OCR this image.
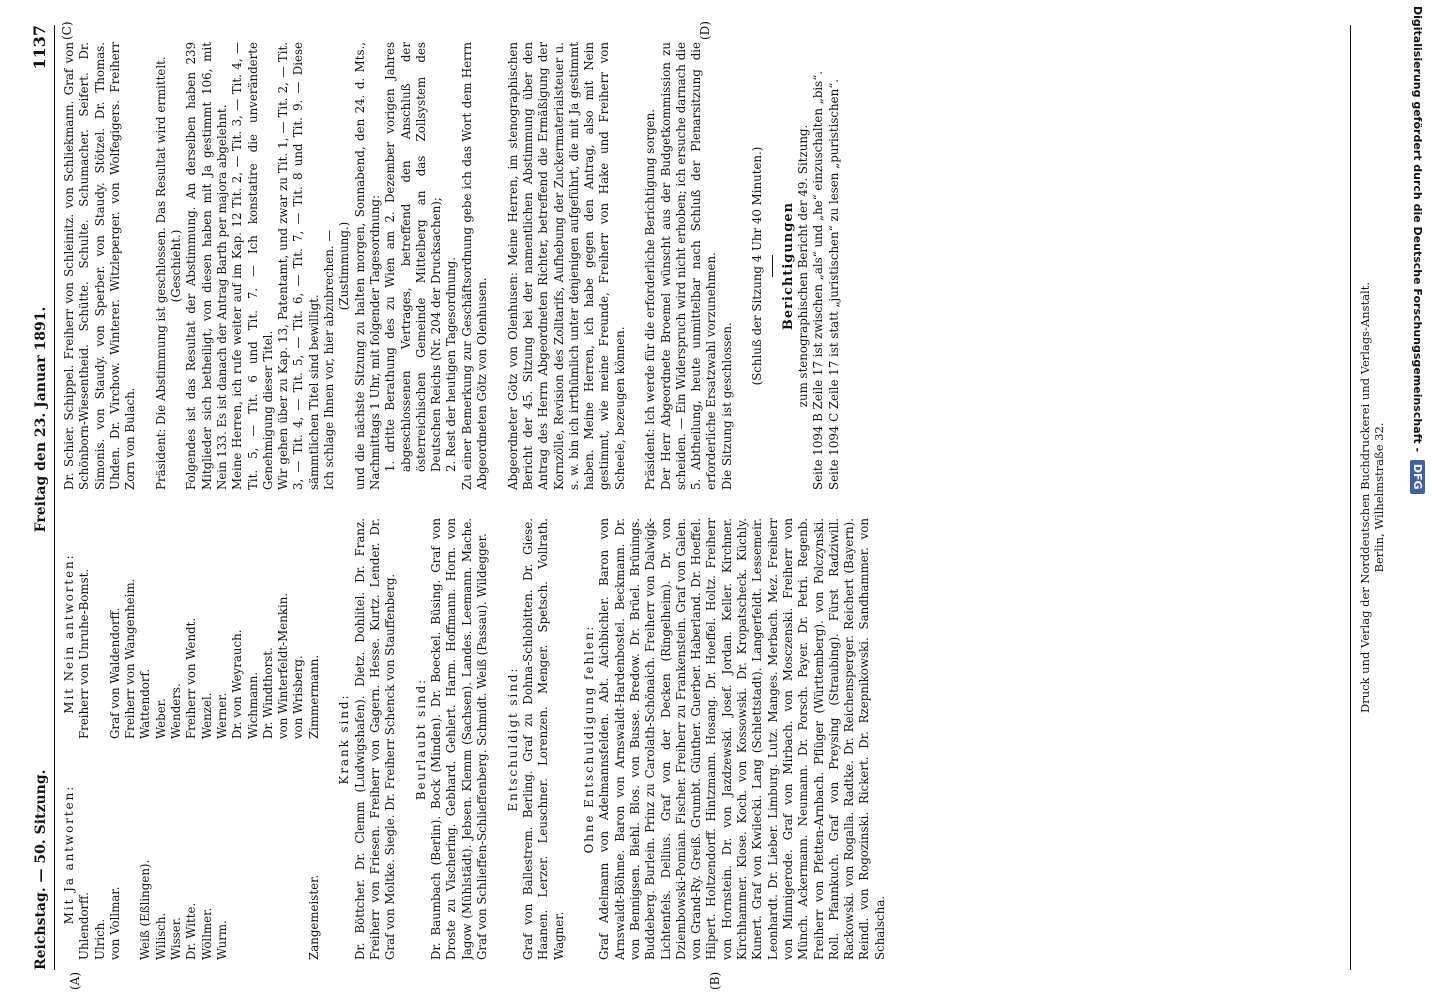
Reichstag. — 50. Sitzung.
Freitag den 23. Januar 1891.
1137
(A)	(B)
(C)	(D)
Mit Ja antworten:	Mit Nein antworten:
Uhlendorff.	Freiherr von Unruhe-Bomst.
Ulrich.	

von Vollmar.	Graf von Waldendorff.
	Freiherr von Wangenheim.
Weiß (Eßlingen).	Wattendorf.
Wilisch.	Weber.
Wisser.	Wenders.
Dr. Witte.	Freiherr von Wendt.
Wöllmer.	Wenzel.
Wurm.	Werner.
	Dr. von Weyrauch.
	Wichmann.
	Dr. Windthorst.
	von Winterfeldt-Menkin.
	von Wrisberg.

Zangemeister.	Zimmermann. Krank sind: Dr. Böttcher. Dr. Clemm (Ludwigshafen). Dietz. Dohlitel. Dr. Franz. Freiherr von Friesen. Freiherr von Gagern. Hesse. Kurtz. Lender. Dr. Graf von Moltke. Siegle. Dr. Freiherr Schenck von Stauffenberg. Beurlaubt sind: Dr. Baumbach (Berlin). Bock (Minden). Dr. Boeckel. Büsing. Graf von Droste zu Vischering. Gebhard. Gehlert. Harm. Hoffmann. Horn. von Jagow (Mühlstädt). Jebsen. Klemm (Sachsen). Landes. Leemann. Mache. Graf von Schlieffen-Schlieffenberg. Schmidt. Weiß (Passau). Wildegger. Entschuldigt sind: Graf von Ballestrem. Berling. Graf zu Dohna-Schlobitten. Dr. Giese. Haanen. Lerzer. Leuschner. Lorenzen. Menger. Spetsch. Vollrath. Wagner.

Ohne Entschuldigung fehlen: Graf Adelmann von Adelmannsfelden. Abt. Aichbichler. Baron von Arnswaldt-Böhme. Baron von Arnswaldt-Hardenbostel. Beckmann. Dr. von Bennigsen. Biehl. Blos. von Busse. Bredow. Dr. Brüel. Brünings. Buddeberg. Burlein. Prinz zu Carolath-Schönaich. Freiherr von Dalwigk-Lichtenfels. Dellius. Graf von der Decken (Ringelheim). Dr. von Dziembowski-Pomian. Fischer. Freiherr zu Frankenstein. Graf von Galen. von Grand-Ry. Greiß. Grumbt. Günther. Guerber. Haberland. Dr. Hoeffel. Hilpert. Holtzendorff. Hintzmann. Hosang. Dr. Hoeffel. Holtz. Freiherr von Hornstein. Dr. von Jazdzewski. Josef. Jordan. Keller. Kirchner. Kirchhammer. Klose. Koch. von Kossowski. Dr. Kropatscheck. Küchly. Kunert. Graf von Kwilecki. Lang (Schlettstadt). Langerfeldt. Lessemeir. Leonhardt. Dr. Lieber. Limburg. Lutz. Manges. Merbach. Mez. Freiherr von Minnigerode. Graf von Mirbach. von Mosczenski. Freiherr von Münch. Ackermann. Neumann. Dr. Porsch. Payer. Dr. Petri. Regenb. Freiherr von Pfetten-Arnbach. Pflüger (Württemberg). von Polczynski. Roll. Pfannkuch. Graf von Preysing (Straubing). Fürst Radziwill. Rackowski. von Rogalla. Radtke. Dr. Reichensperger. Reichert (Bayern). Reindl. von Rogozinski. Rickert. Dr. Rzepnikowski. Sandhammer. von Schalscha.

Dr. Schier. Schippel. Freiherr von Schleinitz. von Schliekmann. Graf von Schönborn-Wiesentheid. Schütte. Schulte. Schumacher. Seifert. Dr. Simonis. von Staudy. von Sperber. von Staudy. Stötzel. Dr. Thomas. Uhden. Dr. Virchow. Winterer. Witzleperger. von Wolfegigers. Freiherr Zorn von Bulach. Präsident: Die Abstimmung ist geschlossen. Das Resultat wird ermittelt. (Geschieht.) Folgendes ist das Resultat der Abstimmung. An derselben haben 239 Mitglieder sich betheiligt, von diesen haben mit Ja gestimmt 106, mit Nein 133. Es ist danach der Antrag Barth per majora abgelehnt. Meine Herren, ich rufe weiter auf im Kap. 12 Tit. 2, — Tit. 3, — Tit. 4, — Tit. 5, — Tit. 6 und Tit. 7. — Ich konstatire die unveränderte Genehmigung dieser Titel. Wir gehen über zu Kap. 13, Patentamt, und zwar zu Tit. 1, — Tit. 2, — Tit. 3, — Tit. 4, — Tit. 5, — Tit. 6, — Tit. 7, — Tit. 8 und Tit. 9. — Diese sämmtlichen Titel sind bewilligt. Ich schlage Ihnen vor, hier abzubrechen. — (Zustimmung.) und die nächste Sitzung zu halten morgen, Sonnabend, den 24. d. Mts., Nachmittags 1 Uhr, mit folgender Tagesordnung: 1. dritte Berathung des zu Wien am 2. Dezember vorigen Jahres abgeschlossenen Vertrages, betreffend den Anschluß der österreichischen Gemeinde Mittelberg an das Zollsystem des Deutschen Reichs (Nr. 204 der Drucksachen); 2. Rest der heutigen Tagesordnung. Zu einer Bemerkung zur Geschäftsordnung gebe ich das Wort dem Herrn Abgeordneten Götz von Olenhusen. Abgeordneter Götz von Olenhusen: Meine Herren, im stenographischen Bericht der 45. Sitzung bei der namentlichen Abstimmung über den Antrag des Herrn Abgeordneten Richter, betreffend die Ermäßigung der Kornzölle, Revision des Zolltarifs, Aufhebung der Zuckermaterialsteuer u. s. w. bin ich irrthümlich unter denjenigen aufgeführt, die mit Ja gestimmt haben. Meine Herren, ich habe gegen den Antrag, also mit Nein gestimmt, wie meine Freunde, Freiherr von Hake und Freiherr von Scheele, bezeugen können. Präsident: Ich werde für die erforderliche Berichtigung sorgen. Der Herr Abgeordnete Broemel wünscht aus der Budgetkommission zu scheiden. — Ein Widerspruch wird nicht erhoben; ich ersuche darnach die 5. Abtheilung, heute unmittelbar nach Schluß der Plenarsitzung die erforderliche Ersatzwahl vorzunehmen. Die Sitzung ist geschlossen.

(Schluß der Sitzung 4 Uhr 40 Minuten.) Berichtigungen zum stenographischen Bericht der 49. Sitzung. Seite 1094 B Zeile 17 ist zwischen „als“ und „he“ einzuschalten „bis“. Seite 1094 C Zeile 17 ist statt „juristischen“ zu lesen „puristischen“.	Druck und Verlag der Norddeutschen Buchdruckerei und Verlags-Anstalt. Berlin, Wilhelmstraße 32.
Digitalisierung gefördert durch die Deutsche Forschungsgemeinschaft - DFG
